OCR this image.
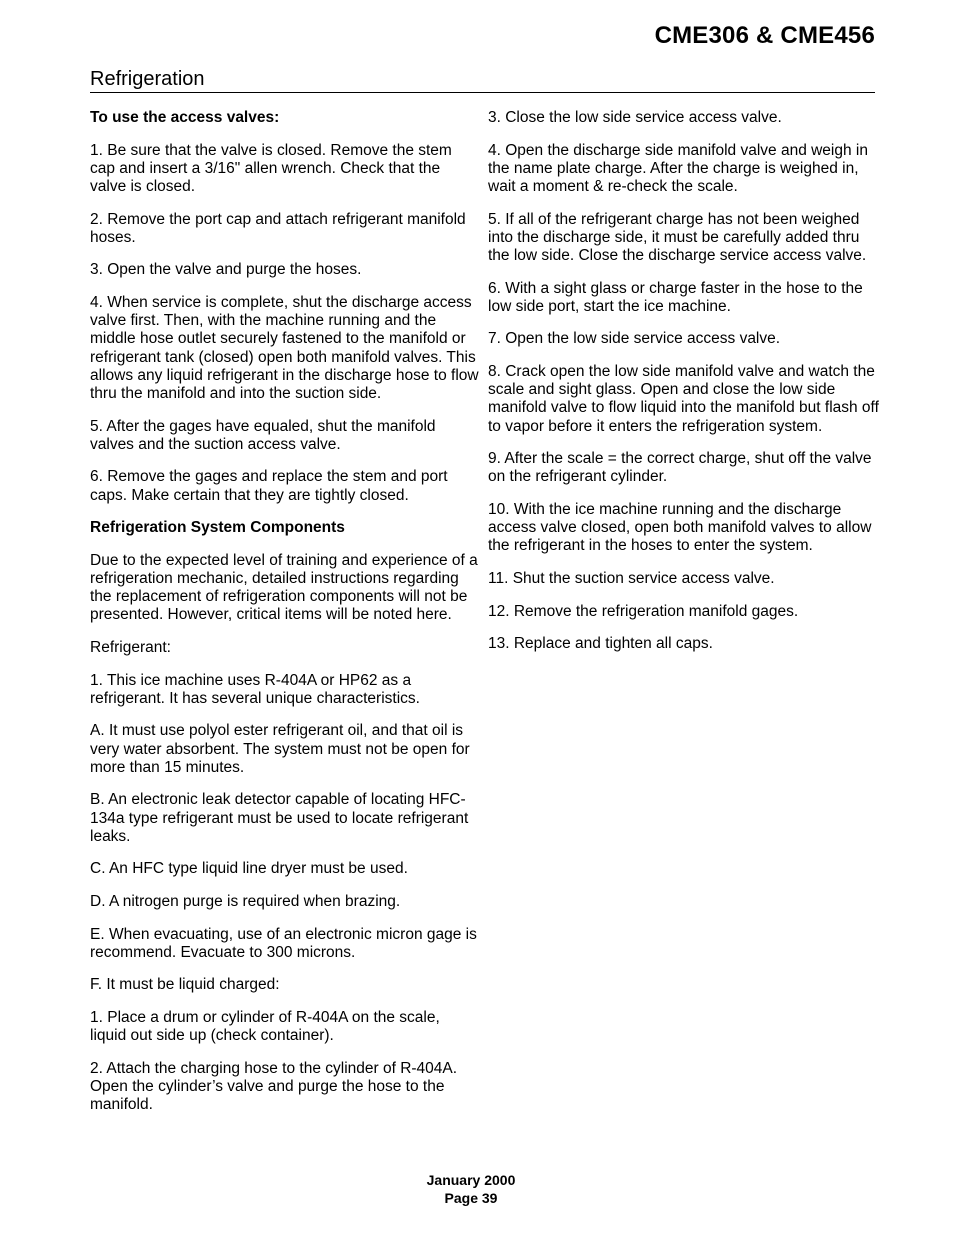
CME306 & CME456
Refrigeration

To use the access valves:

1. Be sure that the valve is closed. Remove the stem cap and insert a 3/16" allen wrench. Check that the valve is closed.

2. Remove the port cap and attach refrigerant manifold hoses.

3. Open the valve and purge the hoses.

4. When service is complete, shut the discharge access valve first. Then, with the machine running and the middle hose outlet securely fastened to the manifold or refrigerant tank (closed) open both manifold valves. This allows any liquid refrigerant in the discharge hose to flow thru the manifold and into the suction side.

5. After the gages have equaled, shut the manifold valves and the suction access valve.

6. Remove the gages and replace the stem and port caps. Make certain that they are tightly closed.

Refrigeration System Components

Due to the expected level of training and experience of a refrigeration mechanic, detailed instructions regarding the replacement of refrigeration components will not be presented. However, critical items will be noted here.

Refrigerant:

1. This ice machine uses R-404A or HP62 as a refrigerant. It has several unique characteristics.

A. It must use polyol ester refrigerant oil, and that oil is very water absorbent. The system must not be open for more than 15 minutes.

B. An electronic leak detector capable of locating HFC-134a type refrigerant must be used to locate refrigerant leaks.

C. An HFC type liquid line dryer must be used.

D. A nitrogen purge is required when brazing.

E. When evacuating, use of an electronic micron gage is recommend. Evacuate to 300 microns.

F. It must be liquid charged:

1. Place a drum or cylinder of R-404A on the scale, liquid out side up (check container).

2. Attach the charging hose to the cylinder of R-404A. Open the cylinder’s valve and purge the hose to the manifold.

3. Close the low side service access valve.

4. Open the discharge side manifold valve and weigh in the name plate charge. After the charge is weighed in, wait a moment & re-check the scale.

5. If all of the refrigerant charge has not been weighed into the discharge side, it must be carefully added thru the low side. Close the discharge service access valve.

6. With a sight glass or charge faster in the hose to the low side port, start the ice machine.

7. Open the low side service access valve.

8. Crack open the low side manifold valve and watch the scale and sight glass. Open and close the low side manifold valve to flow liquid into the manifold but flash off to vapor before it enters the refrigeration system.

9. After the scale = the correct charge, shut off the valve on the refrigerant cylinder.

10. With the ice machine running and the discharge access valve closed, open both manifold valves to allow the refrigerant in the hoses to enter the system.

11. Shut the suction service access valve.

12. Remove the refrigeration manifold gages.

13. Replace and tighten all caps.

January 2000
Page 39
